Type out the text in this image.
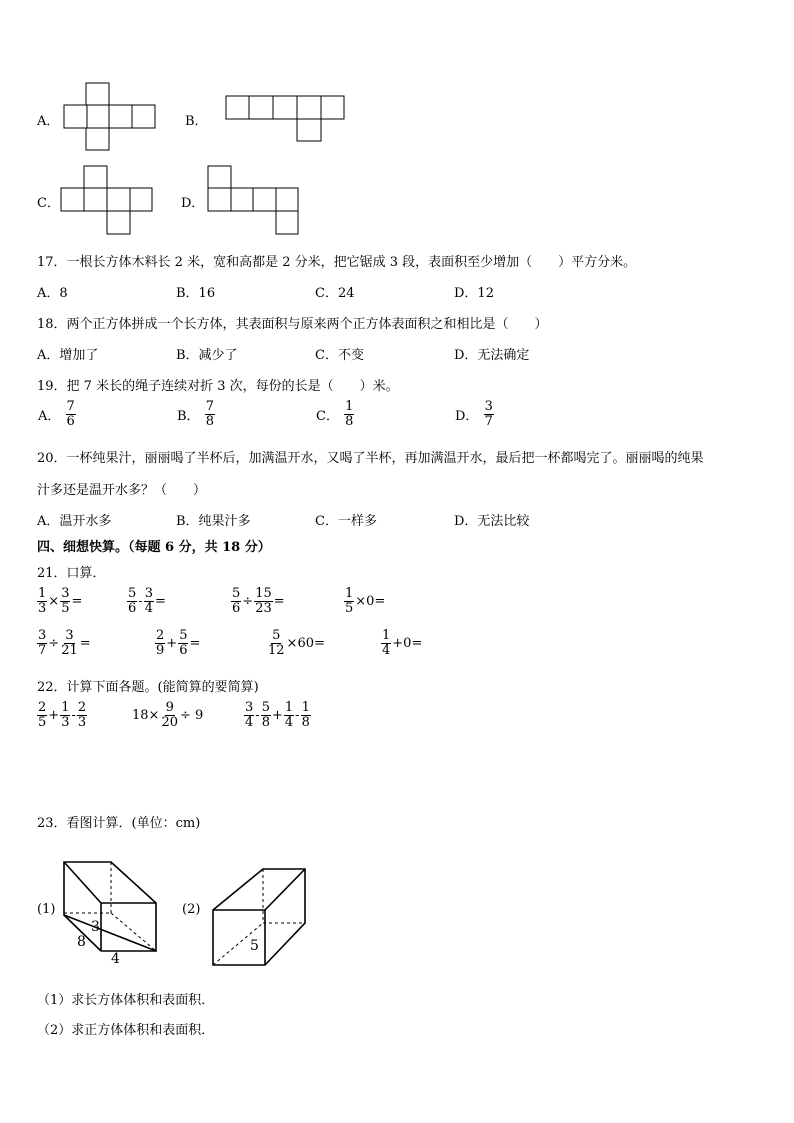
A．	B．
C．	D．
17．一根长方体木料长 2 米，宽和高都是 2 分米，把它锯成 3 段，表面积至少增加（　　）平方分米。
A．8	B．16	C．24	D．12
18．两个正方体拼成一个长方体，其表面积与原来两个正方体表面积之和相比是（　　）
A．增加了	B．减少了	C．不变	D．无法确定
19．把 7 米长的绳子连续对折 3 次，每份的长是（　　）米。
A． $\frac{7}{6}$	B． $\frac{7}{8}$	C． $\frac{1}{8}$	D． $\frac{3}{7}$
20．一杯纯果汁，丽丽喝了半杯后，加满温开水，又喝了半杯，再加满温开水，最后把一杯都喝完了。丽丽喝的纯果
汁多还是温开水多？（　　）
A．温开水多	B．纯果汁多	C．一样多	D．无法比较
四、细想快算。（每题 6 分，共 18 分）
21．口算．
$\frac{1}{3} \times \frac{3}{5}$ =	$\frac{5}{6} - \frac{3}{4}$ =	$\frac{5}{6} \div \frac{15}{23}$ =	$\frac{1}{5} \times 0=$
$\frac{3}{7} \div \frac{3}{21}$ =	$\frac{2}{9} + \frac{5}{6}$ =	$\frac{5}{12} \times 60=$	$\frac{1}{4} +0=$
22．计算下面各题。(能简算的要简算)
$\frac{2}{5} + \frac{1}{3} - \frac{2}{3}$	$18\times \frac{9}{20} \div 9$	$\frac{3}{4} - \frac{5}{8} + \frac{1}{4} - \frac{1}{8}$
23．看图计算．(单位：cm)
(1)
3
8
4
(2)
5
（1）求长方体体积和表面积．
（2）求正方体体积和表面积．
